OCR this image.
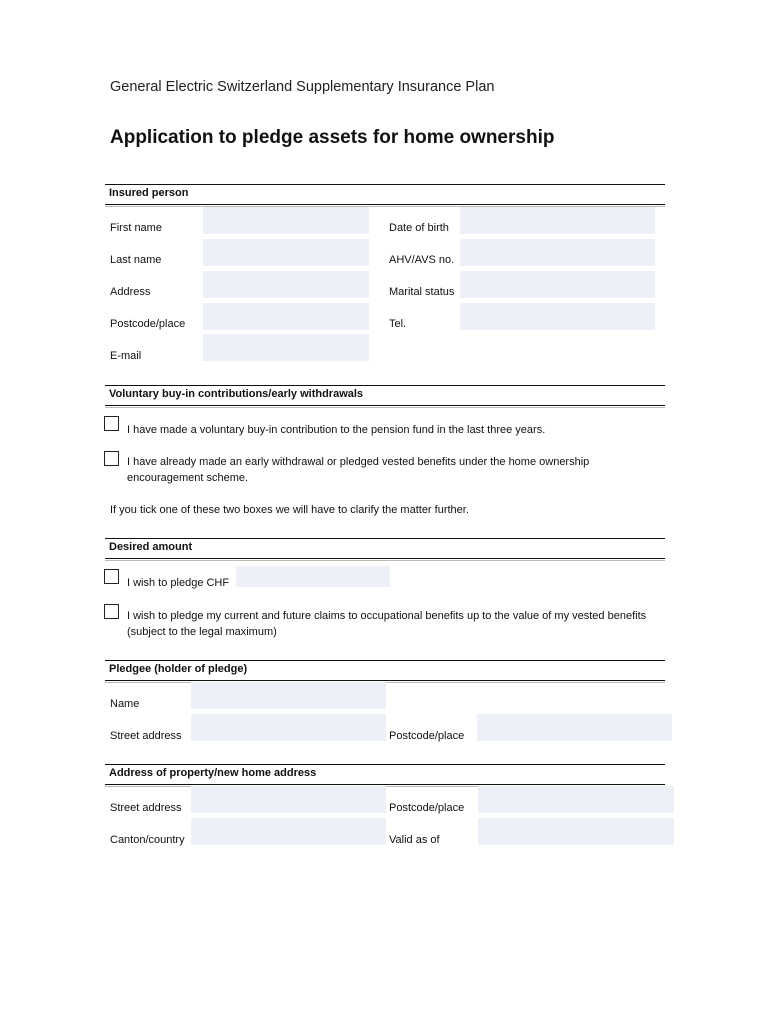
General Electric Switzerland Supplementary Insurance Plan
Application to pledge assets for home ownership
Insured person
First name	Date of birth
Last name	AHV/AVS no.
Address	Marital status
Postcode/place	Tel.
E-mail
Voluntary buy-in contributions/early withdrawals
I have made a voluntary buy-in contribution to the pension fund in the last three years.
I have already made an early withdrawal or pledged vested benefits under the home ownership encouragement scheme.
If you tick one of these two boxes we will have to clarify the matter further.
Desired amount
I wish to pledge CHF
I wish to pledge my current and future claims to occupational benefits up to the value of my vested benefits (subject to the legal maximum)
Pledgee (holder of pledge)
Name
Street address	Postcode/place
Address of property/new home address
Street address	Postcode/place
Canton/country	Valid as of
